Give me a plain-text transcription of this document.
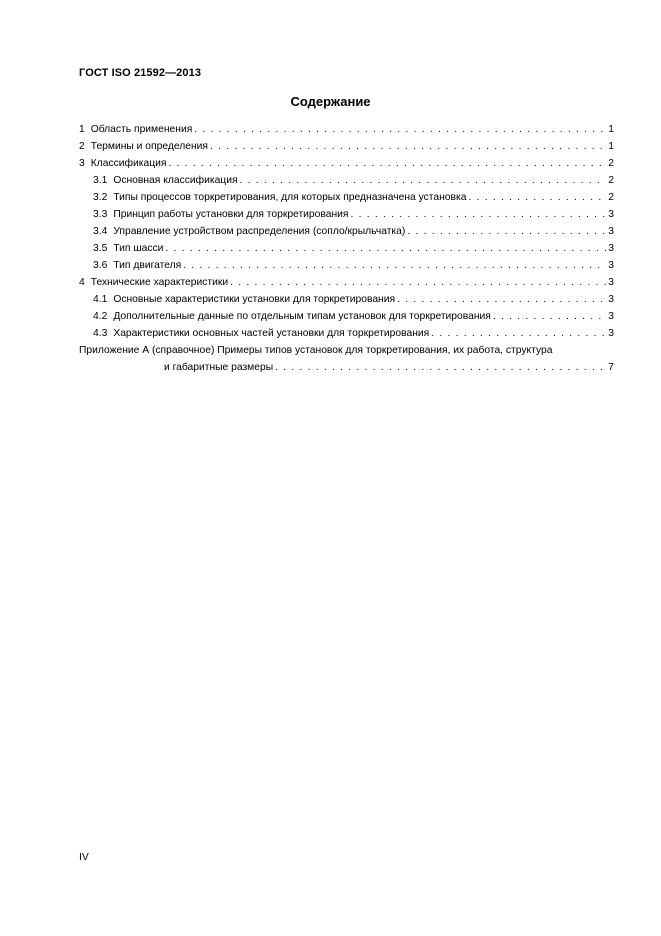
ГОСТ ISO 21592—2013
Содержание
1 Область применения . . .	1
2 Термины и определения . . .	1
3 Классификация . . .	2
3.1 Основная классификация . . .	2
3.2 Типы процессов торкретирования, для которых предназначена установка . . .	2
3.3 Принцип работы установки для торкретирования . . .	3
3.4 Управление устройством распределения (сопло/крыльчатка) . . .	3
3.5 Тип шасси . . .	3
3.6 Тип двигателя . . .	3
4 Технические характеристики . . .	3
4.1 Основные характеристики установки для торкретирования . . .	3
4.2 Дополнительные данные по отдельным типам установок для торкретирования . . .	3
4.3 Характеристики основных частей установки для торкретирования . . .	3
Приложение А (справочное) Примеры типов установок для торкретирования, их работа, структура
и габаритные размеры . . .	7
IV
